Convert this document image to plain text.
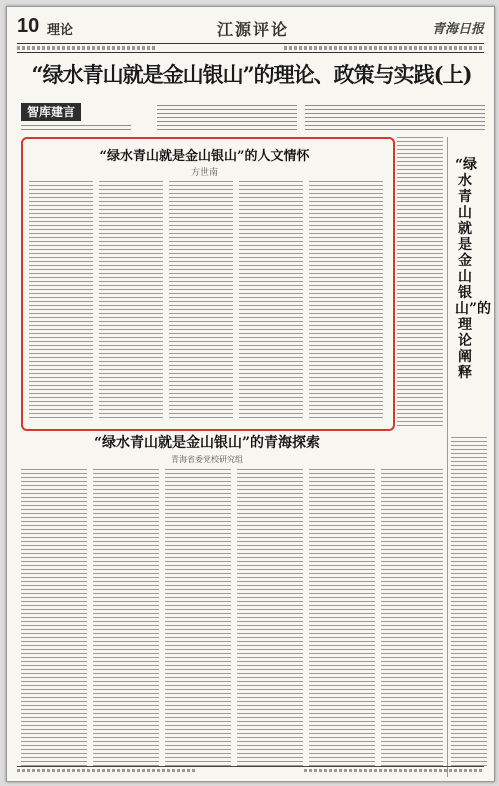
10 理论	江源评论	青海日报
“绿水青山就是金山银山”的理论、政策与实践(上)
智库建言
“绿水青山就是金山银山”的人文情怀
方世南	“绿水青山就是金山银山”的理论阐释
“绿水青山就是金山银山”的青海探索
青海省委党校研究组
